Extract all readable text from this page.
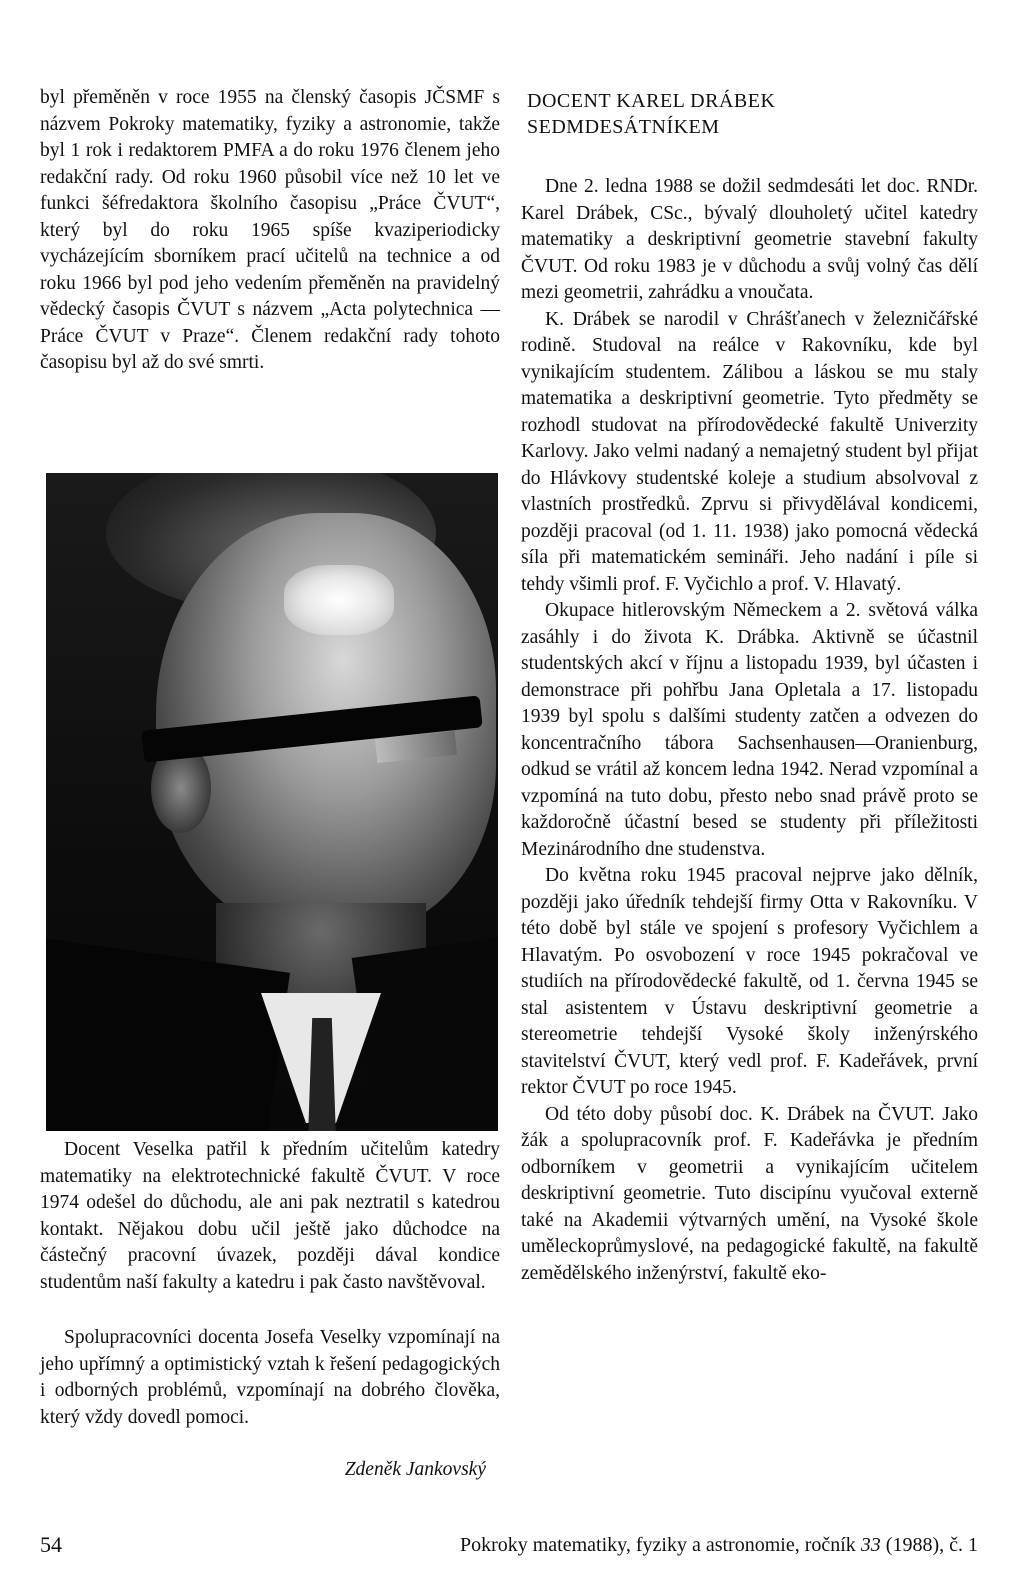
byl přeměněn v roce 1955 na členský časopis JČSMF s názvem Pokroky matematiky, fyziky a astronomie, takže byl 1 rok i redaktorem PMFA a do roku 1976 členem jeho redakční rady. Od roku 1960 působil více než 10 let ve funkci šéfredaktora školního časopisu „Práce ČVUT“, který byl do roku 1965 spíše kvaziperiodicky vycházejícím sborníkem prací učitelů na technice a od roku 1966 byl pod jeho vedením přeměněn na pravidelný vědecký časopis ČVUT s názvem „Acta polytechnica — Práce ČVUT v Praze“. Členem redakční rady tohoto časopisu byl až do své smrti.

Docent Veselka patřil k předním učitelům katedry matematiky na elektrotechnické fakultě ČVUT. V roce 1974 odešel do důchodu, ale ani pak neztratil s katedrou kontakt. Nějakou dobu učil ještě jako důchodce na částečný pracovní úvazek, později dával kondice studentům naší fakulty a katedru i pak často navštěvoval.

Spolupracovníci docenta Josefa Veselky vzpomínají na jeho upřímný a optimistický vztah k řešení pedagogických i odborných problémů, vzpomínají na dobrého člověka, který vždy dovedl pomoci.

Zdeněk Jankovský

DOCENT KAREL DRÁBEK
SEDMDESÁTNÍKEM

Dne 2. ledna 1988 se dožil sedmdesáti let doc. RNDr. Karel Drábek, CSc., bývalý dlouholetý učitel katedry matematiky a deskriptivní geometrie stavební fakulty ČVUT. Od roku 1983 je v důchodu a svůj volný čas dělí mezi geometrii, zahrádku a vnoučata.

K. Drábek se narodil v Chrášťanech v železničářské rodině. Studoval na reálce v Rakovníku, kde byl vynikajícím studentem. Zálibou a láskou se mu staly matematika a deskriptivní geometrie. Tyto předměty se rozhodl studovat na přírodovědecké fakultě Univerzity Karlovy. Jako velmi nadaný a nemajetný student byl přijat do Hlávkovy studentské koleje a studium absolvoval z vlastních prostředků. Zprvu si přivydělával kondicemi, později pracoval (od 1. 11. 1938) jako pomocná vědecká síla při matematickém semináři. Jeho nadání i píle si tehdy všimli prof. F. Vyčichlo a prof. V. Hlavatý.

Okupace hitlerovským Německem a 2. světová válka zasáhly i do života K. Drábka. Aktivně se účastnil studentských akcí v říjnu a listopadu 1939, byl účasten i demonstrace při pohřbu Jana Opletala a 17. listopadu 1939 byl spolu s dalšími studenty zatčen a odvezen do koncentračního tábora Sachsenhausen—Oranienburg, odkud se vrátil až koncem ledna 1942. Nerad vzpomínal a vzpomíná na tuto dobu, přesto nebo snad právě proto se každoročně účastní besed se studenty při příležitosti Mezinárodního dne studenstva.

Do května roku 1945 pracoval nejprve jako dělník, později jako úředník tehdejší firmy Otta v Rakovníku. V této době byl stále ve spojení s profesory Vyčichlem a Hlavatým. Po osvobození v roce 1945 pokračoval ve studiích na přírodovědecké fakultě, od 1. června 1945 se stal asistentem v Ústavu deskriptivní geometrie a stereometrie tehdejší Vysoké školy inženýrského stavitelství ČVUT, který vedl prof. F. Kadeřávek, první rektor ČVUT po roce 1945.

Od této doby působí doc. K. Drábek na ČVUT. Jako žák a spolupracovník prof. F. Kadeřávka je předním odborníkem v geometrii a vynikajícím učitelem deskriptivní geometrie. Tuto discipínu vyučoval externě také na Akademii výtvarných umění, na Vysoké škole uměleckoprůmyslové, na pedagogické fakultě, na fakultě zemědělského inženýrství, fakultě eko-

54	Pokroky matematiky, fyziky a astronomie, ročník 33 (1988), č. 1
